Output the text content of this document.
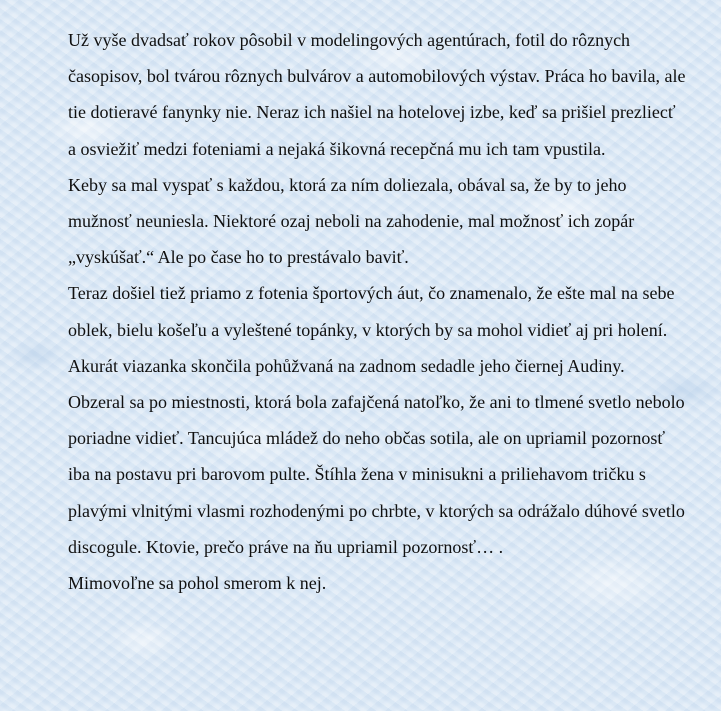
Už vyše dvadsať rokov pôsobil v modelingových agentúrach, fotil do rôznych časopisov, bol tvárou rôznych bulvárov a automobilových výstav. Práca ho bavila, ale tie dotieravé fanynky nie. Neraz ich našiel na hotelovej izbe, keď sa prišiel prezliecť a osviežiť medzi foteniami a nejaká šikovná recepčná mu ich tam vpustila.

Keby sa mal vyspať s každou, ktorá za ním doliezala, obával sa, že by to jeho mužnosť neuniesla. Niektoré ozaj neboli na zahodenie, mal možnosť ich zopár „vyskúšať.“ Ale po čase ho to prestávalo baviť.

Teraz došiel tiež priamo z fotenia športových áut, čo znamenalo, že ešte mal na sebe oblek, bielu košeľu a vyleštené topánky, v ktorých by sa mohol vidieť aj pri holení. Akurát viazanka skončila pohůžvaná na zadnom sedadle jeho čiernej Audiny.

Obzeral sa po miestnosti, ktorá bola zafajčená natoľko, že ani to tlmené svetlo nebolo poriadne vidieť. Tancujúca mládež do neho občas sotila, ale on upriamil pozornosť iba na postavu pri barovom pulte. Štíhla žena v minisukni a priliehavom tričku s plavými vlnitými vlasmi rozhodenými po chrbte, v ktorých sa odrážalo dúhové svetlo discogule. Ktovie, prečo práve na ňu upriamil pozornosť… .

Mimovoľne sa pohol smerom k nej.
